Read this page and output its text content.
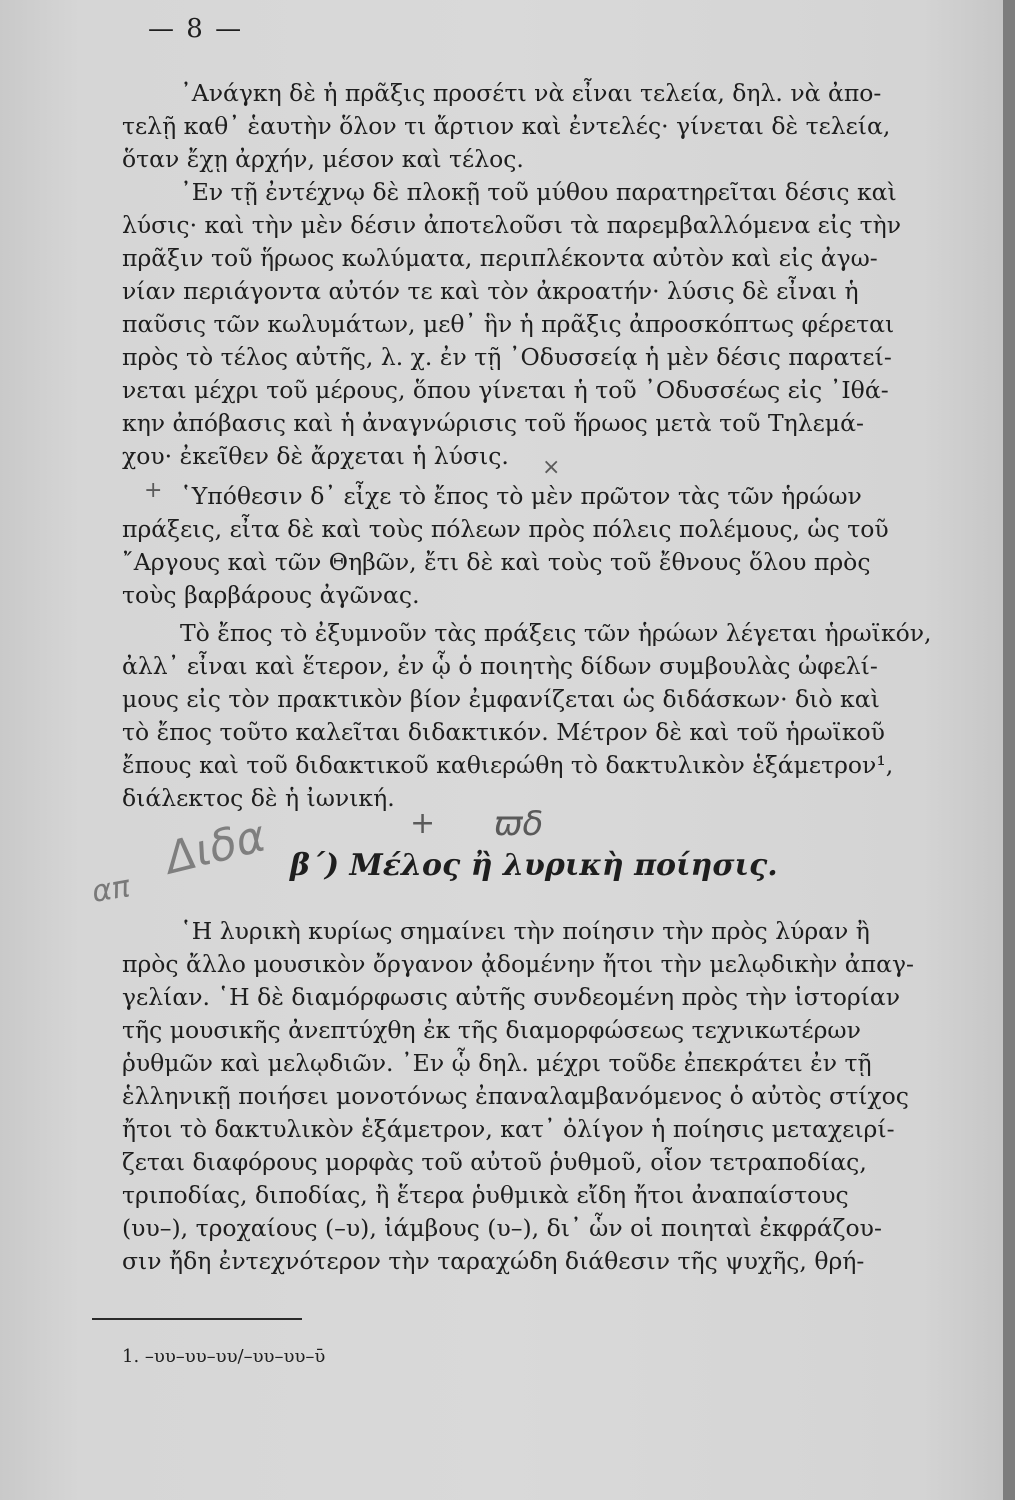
— 8 —
᾿Ανάγκη δὲ ἡ πρᾶξις προσέτι νὰ εἶναι τελεία, δηλ. νὰ ἀπο-
τελῇ καθ᾿ ἑαυτὴν ὅλον τι ἄρτιον καὶ ἐντελές· γίνεται δὲ τελεία,
ὅταν ἔχῃ ἀρχήν, μέσον καὶ τέλος.
᾿Εν τῇ ἐντέχνῳ δὲ πλοκῇ τοῦ μύθου παρατηρεῖται δέσις καὶ
λύσις· καὶ τὴν μὲν δέσιν ἀποτελοῦσι τὰ παρεμβαλλόμενα εἰς τὴν
πρᾶξιν τοῦ ἥρωος κωλύματα, περιπλέκοντα αὐτὸν καὶ εἰς ἀγω-
νίαν περιάγοντα αὐτόν τε καὶ τὸν ἀκροατήν· λύσις δὲ εἶναι ἡ
παῦσις τῶν κωλυμάτων, μεθ᾿ ἣν ἡ πρᾶξις ἀπροσκόπτως φέρεται
πρὸς τὸ τέλος αὐτῆς, λ. χ. ἐν τῇ ᾿Οδυσσείᾳ ἡ μὲν δέσις παρατεί-
νεται μέχρι τοῦ μέρους, ὅπου γίνεται ἡ τοῦ ᾿Οδυσσέως εἰς ᾿Ιθά-
κην ἀπόβασις καὶ ἡ ἀναγνώρισις τοῦ ἥρωος μετὰ τοῦ Τηλεμά-
χου· ἐκεῖθεν δὲ ἄρχεται ἡ λύσις.
῾Υπόθεσιν δ᾿ εἶχε τὸ ἔπος τὸ μὲν πρῶτον τὰς τῶν ἡρώων
πράξεις, εἶτα δὲ καὶ τοὺς πόλεων πρὸς πόλεις πολέμους, ὡς τοῦ
῎Αργους καὶ τῶν Θηβῶν, ἔτι δὲ καὶ τοὺς τοῦ ἔθνους ὅλου πρὸς
τοὺς βαρβάρους ἀγῶνας.
Τὸ ἔπος τὸ ἐξυμνοῦν τὰς πράξεις τῶν ἡρώων λέγεται ἡρωϊκόν,
ἀλλ᾿ εἶναι καὶ ἕτερον, ἐν ᾧ ὁ ποιητὴς δίδων συμβουλὰς ὠφελί-
μους εἰς τὸν πρακτικὸν βίον ἐμφανίζεται ὡς διδάσκων· διὸ καὶ
τὸ ἔπος τοῦτο καλεῖται διδακτικόν. Μέτρον δὲ καὶ τοῦ ἡρωϊκοῦ
ἔπους καὶ τοῦ διδακτικοῦ καθιερώθη τὸ δακτυλικὸν ἑξάμετρον¹,
διάλεκτος δὲ ἡ ἰωνική.
×
+
+ ϖδ
Διδα
απ
β΄) Μέλος ἢ λυρικὴ ποίησις.
῾Η λυρικὴ κυρίως σημαίνει τὴν ποίησιν τὴν πρὸς λύραν ἢ
πρὸς ἄλλο μουσικὸν ὄργανον ᾀδομένην ἤτοι τὴν μελῳδικὴν ἀπαγ-
γελίαν. ῾Η δὲ διαμόρφωσις αὐτῆς συνδεομένη πρὸς τὴν ἱστορίαν
τῆς μουσικῆς ἀνεπτύχθη ἐκ τῆς διαμορφώσεως τεχνικωτέρων
ῥυθμῶν καὶ μελῳδιῶν. ᾿Εν ᾧ δηλ. μέχρι τοῦδε ἐπεκράτει ἐν τῇ
ἑλληνικῇ ποιήσει μονοτόνως ἐπαναλαμβανόμενος ὁ αὐτὸς στίχος
ἤτοι τὸ δακτυλικὸν ἑξάμετρον, κατ᾿ ὀλίγον ἡ ποίησις μεταχειρί-
ζεται διαφόρους μορφὰς τοῦ αὐτοῦ ῥυθμοῦ, οἷον τετραποδίας,
τριποδίας, διποδίας, ἢ ἕτερα ῥυθμικὰ εἴδη ἤτοι ἀναπαίστους
(υυ–), τροχαίους (–υ), ἰάμβους (υ–), δι᾿ ὧν οἱ ποιηταὶ ἐκφράζου-
σιν ἤδη ἐντεχνότερον τὴν ταραχώδη διάθεσιν τῆς ψυχῆς, θρή-
1. –υυ–υυ–υυ/–υυ–υυ–ῡ
